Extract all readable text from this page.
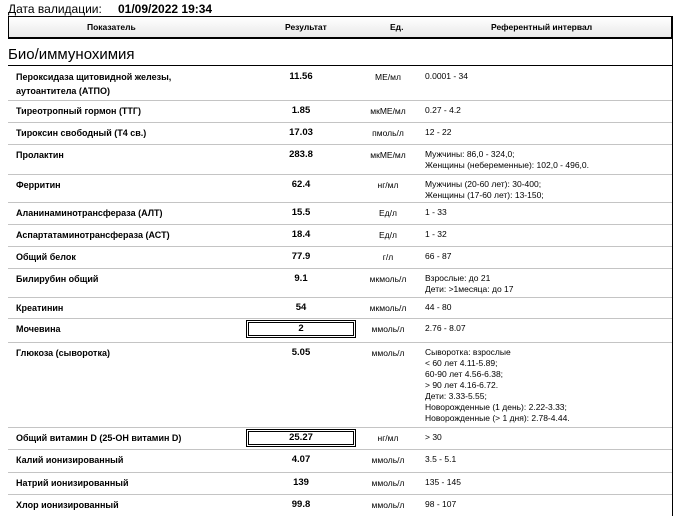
Дата валидации: 01/09/2022 19:34
Показатель	Результат	Ед.	Референтный интервал
Био/иммунохимия
Пероксидаза щитовидной железы,
аутоантитела (АТПО)
11.56	МЕ/мл	0.0001 - 34
Тиреотропный гормон (ТТГ)	1.85	мкМЕ/мл	0.27 - 4.2
Тироксин свободный (Т4 св.)	17.03	пмоль/л	12 - 22
Пролактин	283.8	мкМЕ/мл	Мужчины: 86,0 - 324,0;
Женщины (небеременные): 102,0 - 496,0.
Ферритин	62.4	нг/мл	Мужчины (20-60 лет): 30-400;
Женщины (17-60 лет): 13-150;
Аланинаминотрансфераза (АЛТ)	15.5	Ед/л	1 - 33
Аспартатаминотрансфераза (АСТ)	18.4	Ед/л	1 - 32
Общий белок	77.9	г/л	66 - 87
Билирубин общий	9.1	мкмоль/л	Взрослые: до 21
Дети: >1месяца: до 17
Креатинин	54	мкмоль/л	44 - 80
Мочевина	2	ммоль/л	2.76 - 8.07
Глюкоза (сыворотка)	5.05	ммоль/л	Сыворотка: взрослые
< 60 лет 4.11-5.89;
60-90 лет 4.56-6.38;
> 90 лет 4.16-6.72.
Дети: 3.33-5.55;
Новорожденные (1 день): 2.22-3.33;
Новорожденные (> 1 дня): 2.78-4.44.
Общий витамин D (25-OH витамин D)	25.27	нг/мл	> 30
Калий ионизированный	4.07	ммоль/л	3.5 - 5.1
Натрий ионизированный	139	ммоль/л	135 - 145
Хлор ионизированный	99.8	ммоль/л	98 - 107
